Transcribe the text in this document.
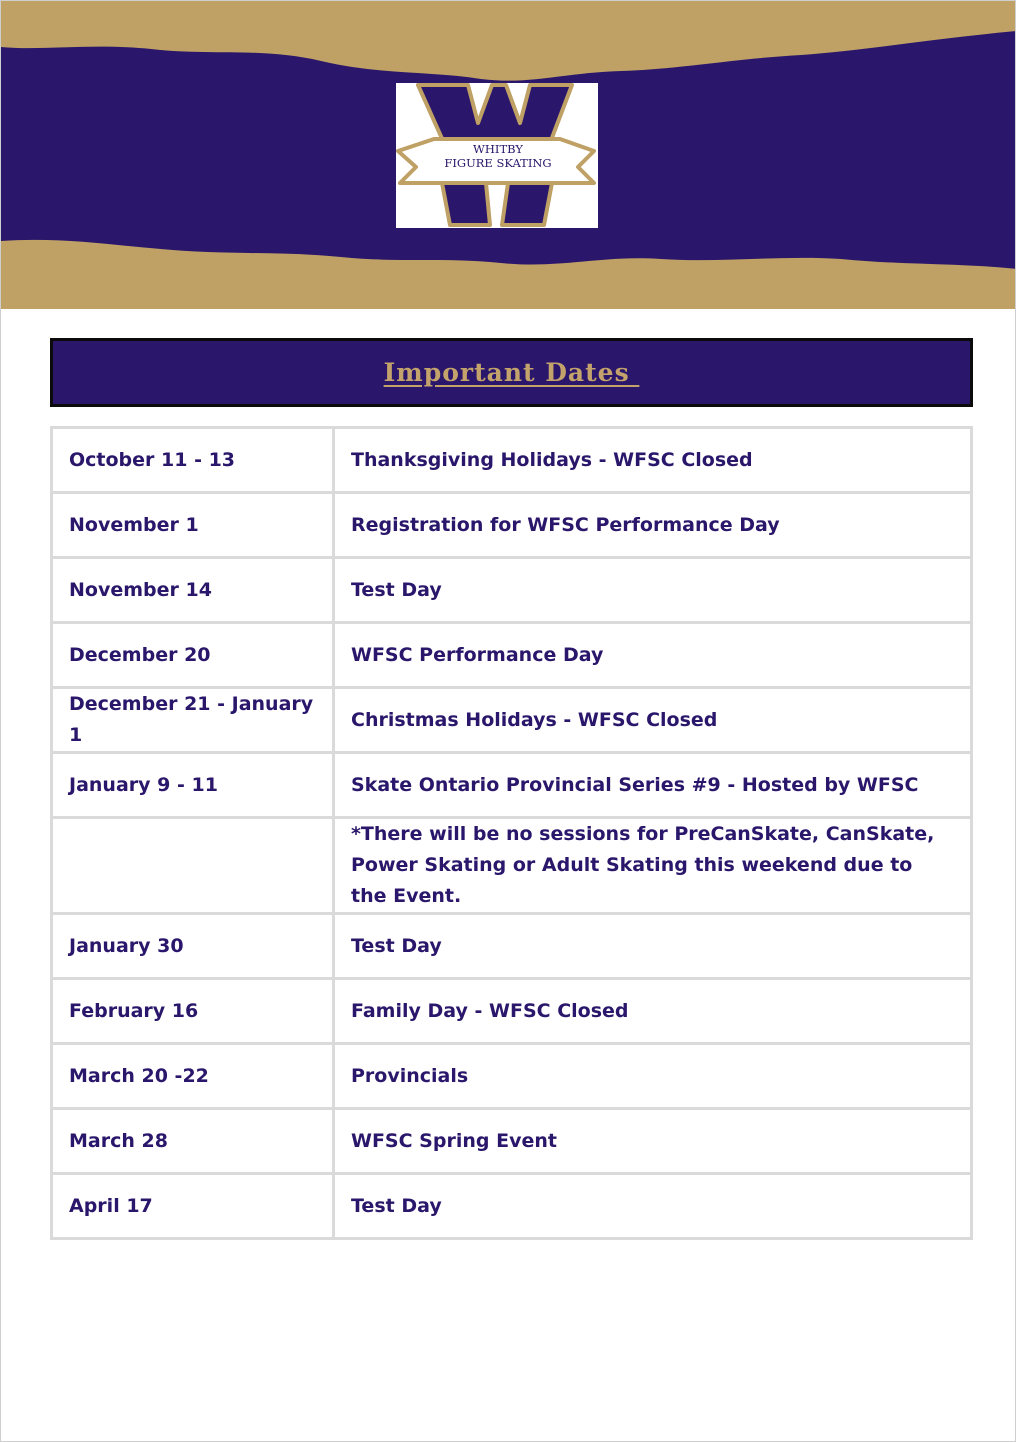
WHITBY
FIGURE SKATING
Important Dates
October 11 - 13	Thanksgiving Holidays - WFSC Closed
November 1	Registration for WFSC Performance Day
November 14	Test Day
December 20	WFSC Performance Day
December 21 - January 1	Christmas Holidays - WFSC Closed
January 9 - 11	Skate Ontario Provincial Series #9 - Hosted by WFSC
	*There will be no sessions for PreCanSkate, CanSkate, Power Skating or Adult Skating this weekend due to the Event.
January 30	Test Day
February 16	Family Day - WFSC Closed
March 20 -22	Provincials
March 28	WFSC Spring Event
April 17	Test Day
